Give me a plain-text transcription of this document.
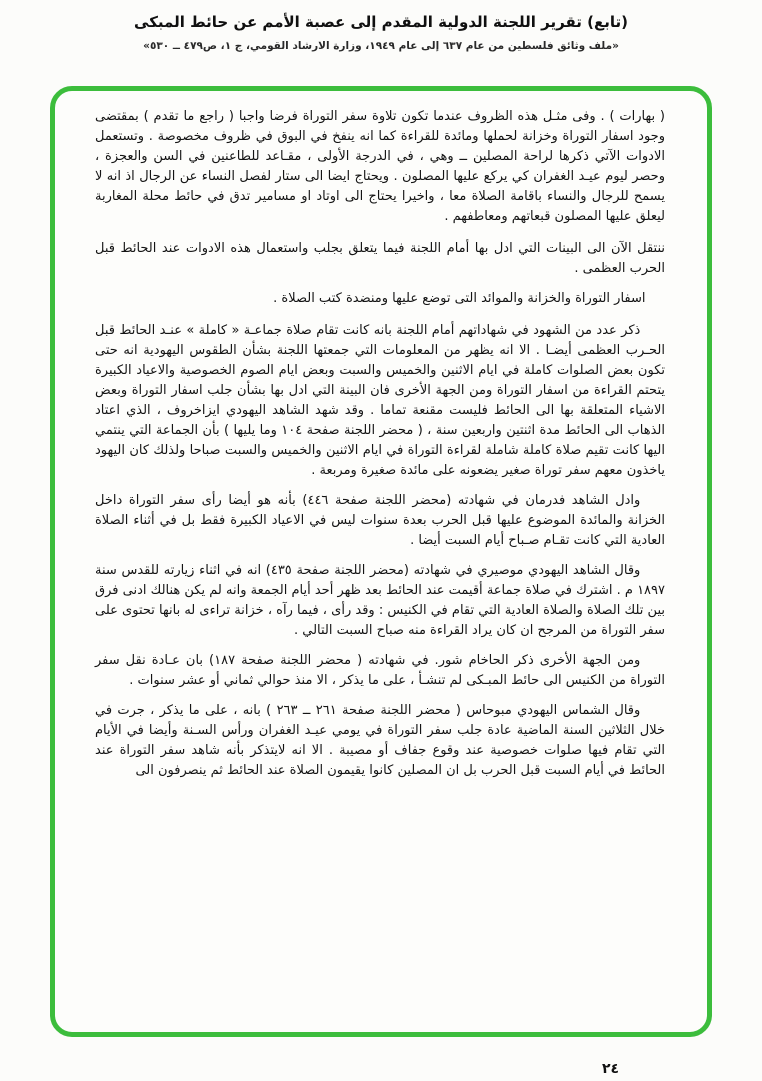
(تابع) تقرير اللجنة الدولية المقدم إلى عصبة الأمم عن حائط المبكى
«ملف وثائق فلسطين من عام ٦٣٧ إلى عام ١٩٤٩، وزارة الارشاد القومي، ج ١، ص٤٧٩ ــ ٥٣٠»

( بهارات ) . وفى مثـل هذه الظروف عندما تكون تلاوة سفر التوراة فرضا واجبا ( راجع ما تقدم ) بمقتضى وجود اسفار التوراة وخزانة لحملها ومائدة للقراءة كما انه ينفخ في البوق في ظروف مخصوصة . وتستعمل الادوات الآتي ذكرها لراحة المصلين ــ وهي ، في الدرجة الأولى ، مقـاعد للطاعنين في السن والعجزة ، وحصر ليوم عيـد الغفران كي يركع عليها المصلون . ويحتاج ايضا الى ستار لفصل النساء عن الرجال اذ انه لا يسمح للرجال والنساء باقامة الصلاة معا ، واخيرا يحتاج الى اوتاد او مسامير تدق في حائط محلة المغاربة ليعلق عليها المصلون قبعاتهم ومعاطفهم .

ننتقل الآن الى البينات التي ادل بها أمام اللجنة فيما يتعلق بجلب واستعمال هذه الادوات عند الحائط قبل الحرب العظمى .

اسفار التوراة والخزانة والموائد التى توضع عليها ومنضدة كتب الصلاة .

ذكر عدد من الشهود في شهاداتهم أمام اللجنة بانه كانت تقام صلاة جماعـة « كاملة » عنـد الحائط قبل الحـرب العظمى أيضـا . الا انه يظهر من المعلومات التي جمعتها اللجنة بشأن الطقوس اليهودية انه حتى تكون بعض الصلوات كاملة في ايام الاثنين والخميس والسبت وبعض ايام الصوم الخصوصية والاعياد الكبيرة يتحتم القراءة من اسفار التوراة ومن الجهة الأخرى فان البينة التي ادل بها بشأن جلب اسفار التوراة وبعض الاشياء المتعلقة بها الى الحائط فليست مقنعة تماما . وقد شهد الشاهد اليهودي ايزاخروف ، الذي اعتاد الذهاب الى الحائط مدة اثنتين واربعين سنة ، ( محضر اللجنة صفحة ١٠٤ وما يليها ) بأن الجماعة التي ينتمي اليها كانت تقيم صلاة كاملة شاملة لقراءة التوراة في ايام الاثنين والخميس والسبت صباحا ولذلك كان اليهود ياخذون معهم سفر توراة صغير يضعونه على مائدة صغيرة ومربعة .

وادل الشاهد فدرمان في شهادته (محضر اللجنة صفحة ٤٤٦) بأنه هو أيضا رأى سفر التوراة داخل الخزانة والمائدة الموضوع عليها قبل الحرب بعدة سنوات ليس في الاعياد الكبيرة فقط بل في أثناء الصلاة العادية التي كانت تقـام صـباح أيام السبت أيضا .

وقال الشاهد اليهودي موصيري في شهادته (محضر اللجنة صفحة ٤٣٥) انه في اثناء زيارته للقدس سنة ١٨٩٧ م . اشترك في صلاة جماعة أقيمت عند الحائط بعد ظهر أحد أيام الجمعة وانه لم يكن هنالك ادنى فرق بين تلك الصلاة والصلاة العادية التي تقام في الكنيس : وقد رأى ، فيما رآه ، خزانة تراءى له بانها تحتوى على سفر التوراة من المرجح ان كان يراد القراءة منه صباح السبت التالي .

ومن الجهة الأخرى ذكر الحاخام شور. في شهادته ( محضر اللجنة صفحة ١٨٧) بان عـادة نقل سفر التوراة من الكنيس الى حائط المبـكى لم تنشـأ ، على ما يذكر ، الا منذ حوالي ثماني أو عشر سنوات .

وقال الشماس اليهودي مبوحاس ( محضر اللجنة صفحة ٢٦١ ــ ٢٦٣ ) بانه ، على ما يذكر ، جرت في خلال الثلاثين السنة الماضية عادة جلب سفر التوراة في يومي عيـد الغفران ورأس السـنة وأيضا في الأيام التي تقام فيها صلوات خصوصية عند وقوع جفاف أو مصيبة . الا انه لايتذكر بأنه شاهد سفر التوراة عند الحائط في أيام السبت قبل الحرب بل ان المصلين كانوا يقيمون الصلاة عند الحائط ثم ينصرفون الى

٢٤
